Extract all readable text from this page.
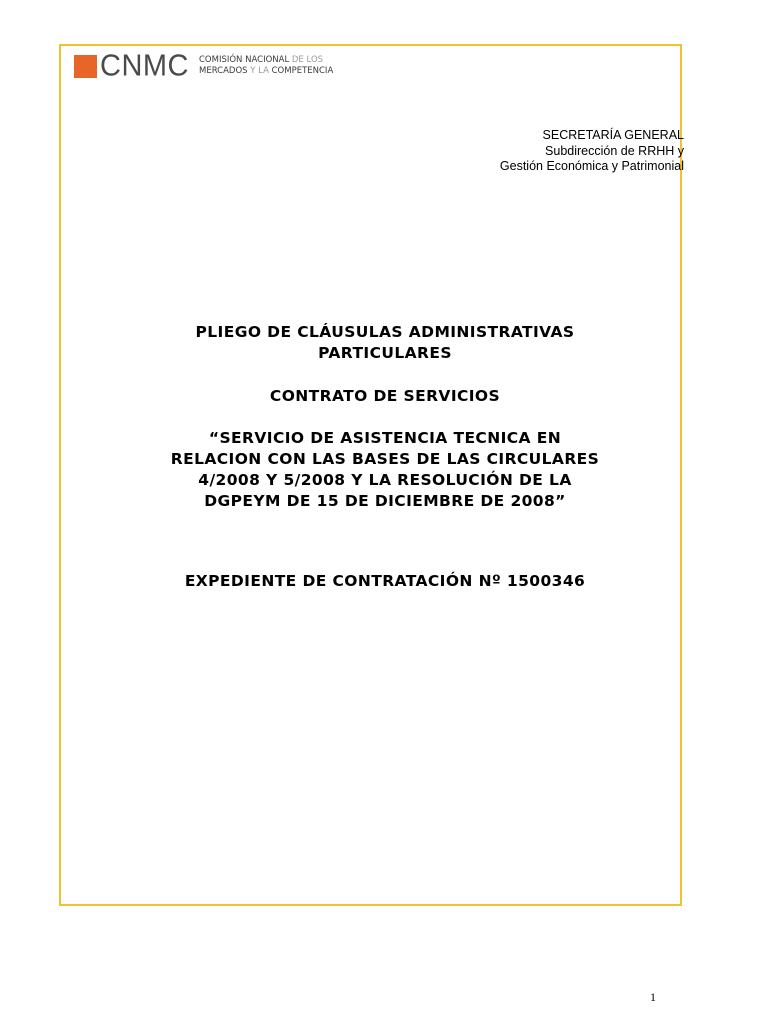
CNMC COMISIÓN NACIONAL DE LOS
MERCADOS Y LA COMPETENCIA
SECRETARÍA GENERAL
Subdirección de RRHH y
Gestión Económica y Patrimonial
PLIEGO DE CLÁUSULAS ADMINISTRATIVAS
PARTICULARES
CONTRATO DE SERVICIOS
“SERVICIO DE ASISTENCIA TECNICA EN
RELACION CON LAS BASES DE LAS CIRCULARES
4/2008 Y 5/2008 Y LA RESOLUCIÓN DE LA
DGPEYM DE 15 DE DICIEMBRE DE 2008”
EXPEDIENTE DE CONTRATACIÓN Nº 1500346
1
